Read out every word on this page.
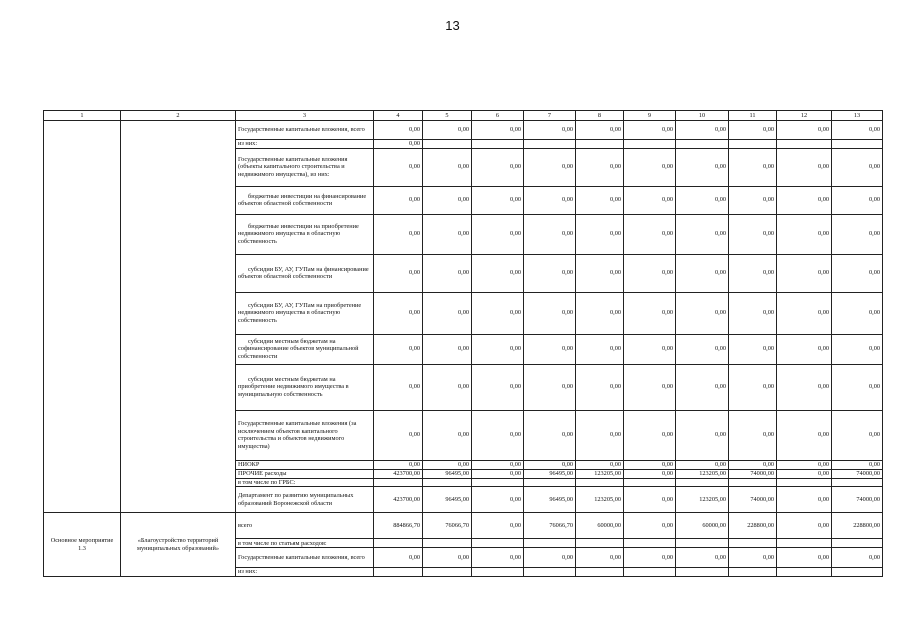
13
1	2	3	4	5	6	7	8	9	10	11	12	13
		Государственные капитальные вложения, всего	0,00	0,00	0,00	0,00	0,00	0,00	0,00	0,00	0,00	0,00
		из них:	0,00									
		Государственные капитальные вложения (объекты капитального строительства и недвижимого имущества), из них:	0,00	0,00	0,00	0,00	0,00	0,00	0,00	0,00	0,00	0,00
		бюджетные инвестиции на финансирование объектов областной собственности	0,00	0,00	0,00	0,00	0,00	0,00	0,00	0,00	0,00	0,00
		бюджетные инвестиции на приобретение недвижимого имущества в областную собственность	0,00	0,00	0,00	0,00	0,00	0,00	0,00	0,00	0,00	0,00
		субсидии БУ, АУ, ГУПам на финансирование объектов областной собственности	0,00	0,00	0,00	0,00	0,00	0,00	0,00	0,00	0,00	0,00
		субсидии БУ, АУ, ГУПам на приобретение недвижимого имущества в областную собственность	0,00	0,00	0,00	0,00	0,00	0,00	0,00	0,00	0,00	0,00
		субсидии местным бюджетам на софинансирование объектов муниципальной собственности	0,00	0,00	0,00	0,00	0,00	0,00	0,00	0,00	0,00	0,00
		субсидии местным бюджетам на приобретение недвижимого имущества в муниципальную собственность	0,00	0,00	0,00	0,00	0,00	0,00	0,00	0,00	0,00	0,00
		Государственные капитальные вложения (за исключением объектов капитального строительства и объектов недвижимого имущества)	0,00	0,00	0,00	0,00	0,00	0,00	0,00	0,00	0,00	0,00
		НИОКР	0,00	0,00	0,00	0,00	0,00	0,00	0,00	0,00	0,00	0,00
		ПРОЧИЕ расходы	423700,00	96495,00	0,00	96495,00	123205,00	0,00	123205,00	74000,00	0,00	74000,00
		в том числе по ГРБС:										
		Департамент по развитию муниципальных образований Воронежской области	423700,00	96495,00	0,00	96495,00	123205,00	0,00	123205,00	74000,00	0,00	74000,00
Основное мероприятие 1.3	«Благоустройство территорий муниципальных образований»	всего	884866,70	76066,70	0,00	76066,70	60000,00	0,00	60000,00	228800,00	0,00	228800,00
		в том числе по статьям расходов:										
		Государственные капитальные вложения, всего	0,00	0,00	0,00	0,00	0,00	0,00	0,00	0,00	0,00	0,00
		из них:										
